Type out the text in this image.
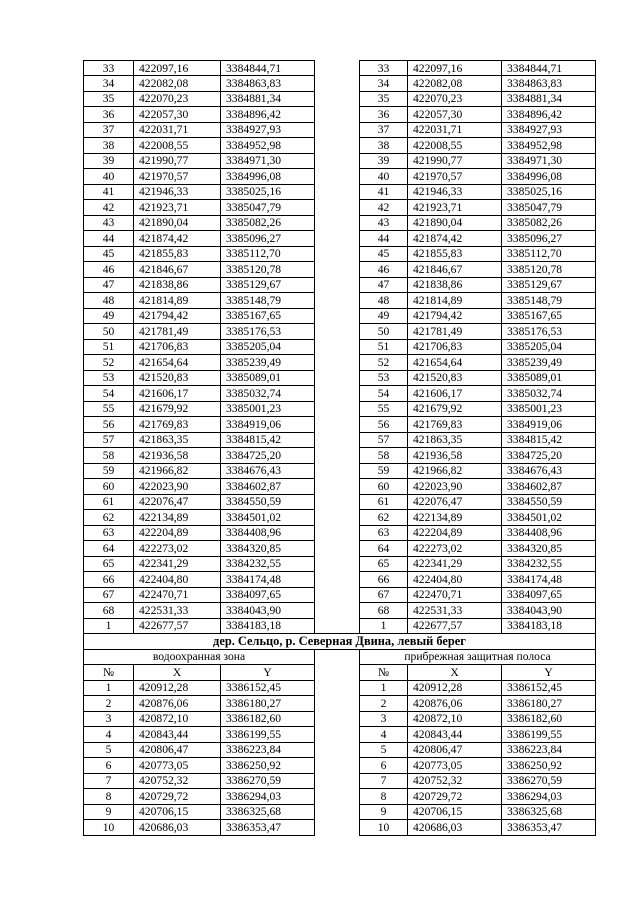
33	422097,16	3384844,71		33	422097,16	3384844,71
34	422082,08	3384863,83		34	422082,08	3384863,83
35	422070,23	3384881,34		35	422070,23	3384881,34
36	422057,30	3384896,42		36	422057,30	3384896,42
37	422031,71	3384927,93		37	422031,71	3384927,93
38	422008,55	3384952,98		38	422008,55	3384952,98
39	421990,77	3384971,30		39	421990,77	3384971,30
40	421970,57	3384996,08		40	421970,57	3384996,08
41	421946,33	3385025,16		41	421946,33	3385025,16
42	421923,71	3385047,79		42	421923,71	3385047,79
43	421890,04	3385082,26		43	421890,04	3385082,26
44	421874,42	3385096,27		44	421874,42	3385096,27
45	421855,83	3385112,70		45	421855,83	3385112,70
46	421846,67	3385120,78		46	421846,67	3385120,78
47	421838,86	3385129,67		47	421838,86	3385129,67
48	421814,89	3385148,79		48	421814,89	3385148,79
49	421794,42	3385167,65		49	421794,42	3385167,65
50	421781,49	3385176,53		50	421781,49	3385176,53
51	421706,83	3385205,04		51	421706,83	3385205,04
52	421654,64	3385239,49		52	421654,64	3385239,49
53	421520,83	3385089,01		53	421520,83	3385089,01
54	421606,17	3385032,74		54	421606,17	3385032,74
55	421679,92	3385001,23		55	421679,92	3385001,23
56	421769,83	3384919,06		56	421769,83	3384919,06
57	421863,35	3384815,42		57	421863,35	3384815,42
58	421936,58	3384725,20		58	421936,58	3384725,20
59	421966,82	3384676,43		59	421966,82	3384676,43
60	422023,90	3384602,87		60	422023,90	3384602,87
61	422076,47	3384550,59		61	422076,47	3384550,59
62	422134,89	3384501,02		62	422134,89	3384501,02
63	422204,89	3384408,96		63	422204,89	3384408,96
64	422273,02	3384320,85		64	422273,02	3384320,85
65	422341,29	3384232,55		65	422341,29	3384232,55
66	422404,80	3384174,48		66	422404,80	3384174,48
67	422470,71	3384097,65		67	422470,71	3384097,65
68	422531,33	3384043,90		68	422531,33	3384043,90
1	422677,57	3384183,18		1	422677,57	3384183,18
дер. Сельцо, р. Северная Двина, левый берег						
водоохранная зона				прибрежная защитная полоса		
№	X	Y		№	X	Y
1	420912,28	3386152,45		1	420912,28	3386152,45
2	420876,06	3386180,27		2	420876,06	3386180,27
3	420872,10	3386182,60		3	420872,10	3386182,60
4	420843,44	3386199,55		4	420843,44	3386199,55
5	420806,47	3386223,84		5	420806,47	3386223,84
6	420773,05	3386250,92		6	420773,05	3386250,92
7	420752,32	3386270,59		7	420752,32	3386270,59
8	420729,72	3386294,03		8	420729,72	3386294,03
9	420706,15	3386325,68		9	420706,15	3386325,68
10	420686,03	3386353,47		10	420686,03	3386353,47
